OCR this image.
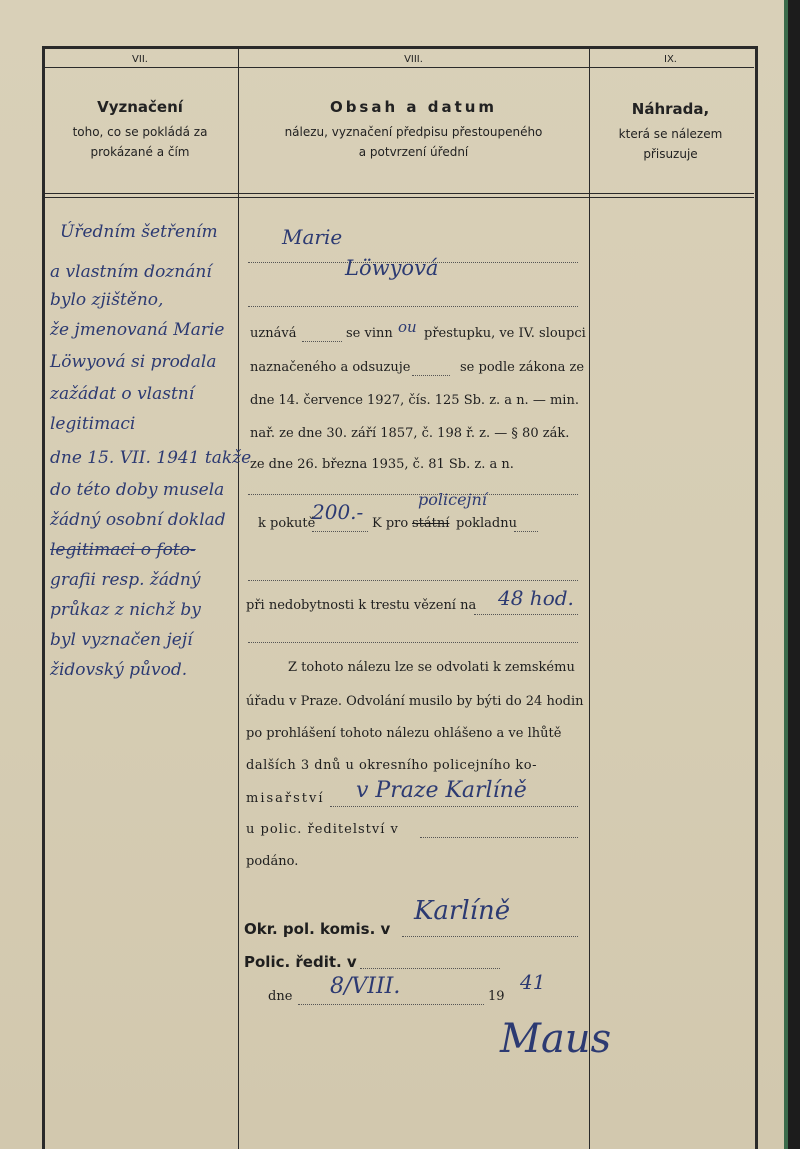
VII.	VIII.	IX.
Vyznačení
toho, co se pokládá za
prokázané a čím
Obsah a datum
nálezu, vyznačení předpisu přestoupeného
a potvrzení úřední
Náhrada,
která se nálezem
přisuzuje
Úředním šetřením
a vlastním doznání
bylo zjištěno,
že jmenovaná Marie
Löwyová si prodala
zažádat o vlastní
legitimaci
dne 15. VII. 1941 takže
do této doby musela
žádný osobní doklad
legitimaci o foto-
grafii resp. žádný
průkaz z nichž by
byl vyznačen její
židovský původ.
Marie
Löwyová
uznává	se vinn ou přestupku, ve IV. sloupci
naznačeného a odsuzuje	se podle zákona ze
dne 14. července 1927, čís. 125 Sb. z. a n. — min.
nař. ze dne 30. září 1857, č. 198 ř. z. — § 80 zák.
ze dne 26. března 1935, č. 81 Sb. z. a n.
k pokutě
200.- K pro státní pokladnu
policejní
při nedobytnosti k trestu vězení na 48 hod.
Z tohoto nálezu lze se odvolati k zemskému
úřadu v Praze. Odvolání musilo by býti do 24 hodin
po prohlášení tohoto nálezu ohlášeno a ve lhůtě
dalších 3 dnů u okresního policejního ko-
misařství v Praze Karlíně
u polic. ředitelství v
podáno.
Okr. pol. komis. v
Karlíně
Polic. ředit. v
dne 8/VIII.	19
41
Maus
